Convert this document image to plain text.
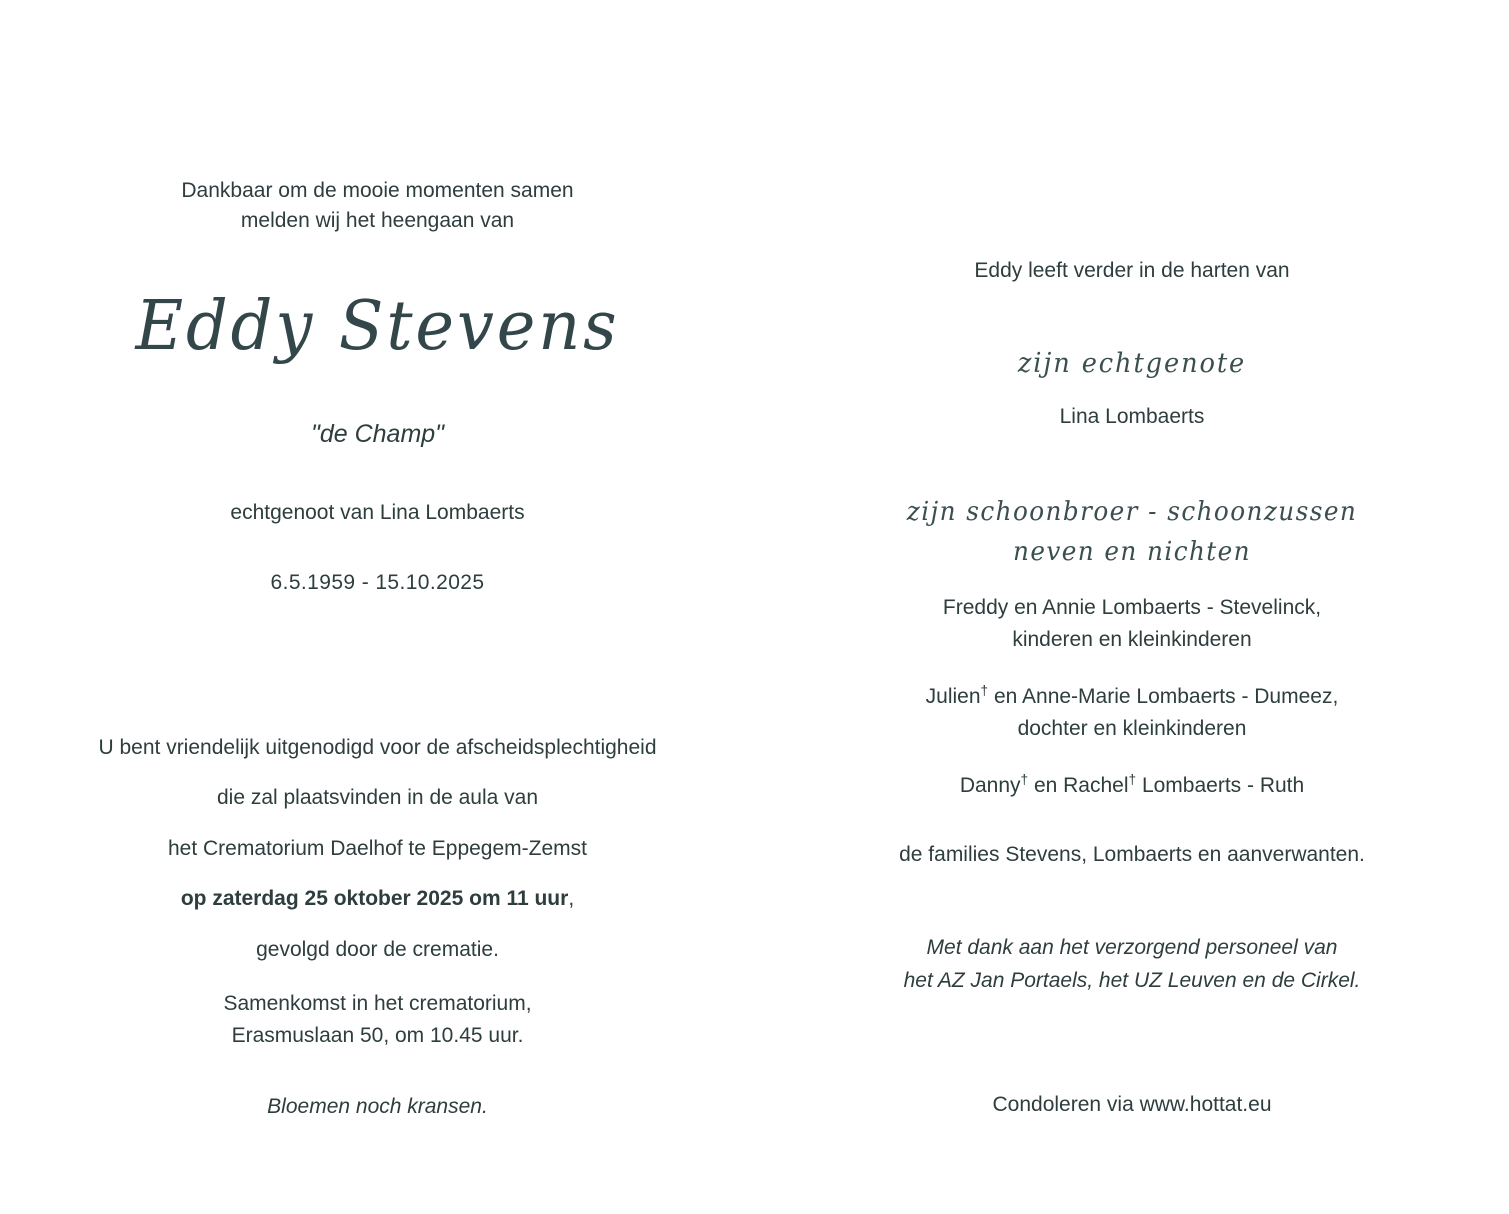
Dankbaar om de mooie momenten samen
melden wij het heengaan van
Eddy Stevens
"de Champ"
echtgenoot van Lina Lombaerts
6.5.1959 - 15.10.2025
U bent vriendelijk uitgenodigd voor de afscheidsplechtigheid
die zal plaatsvinden in de aula van
het Crematorium Daelhof te Eppegem-Zemst
op zaterdag 25 oktober 2025 om 11 uur,
gevolgd door de crematie.
Samenkomst in het crematorium,
Erasmuslaan 50, om 10.45 uur.
Bloemen noch kransen.
Eddy leeft verder in de harten van
zijn echtgenote
Lina Lombaerts
zijn schoonbroer - schoonzussen
neven en nichten
Freddy en Annie Lombaerts - Stevelinck,
kinderen en kleinkinderen
Julien† en Anne-Marie Lombaerts - Dumeez,
dochter en kleinkinderen
Danny† en Rachel† Lombaerts - Ruth
de families Stevens, Lombaerts en aanverwanten.
Met dank aan het verzorgend personeel van
het AZ Jan Portaels, het UZ Leuven en de Cirkel.
Condoleren via www.hottat.eu
